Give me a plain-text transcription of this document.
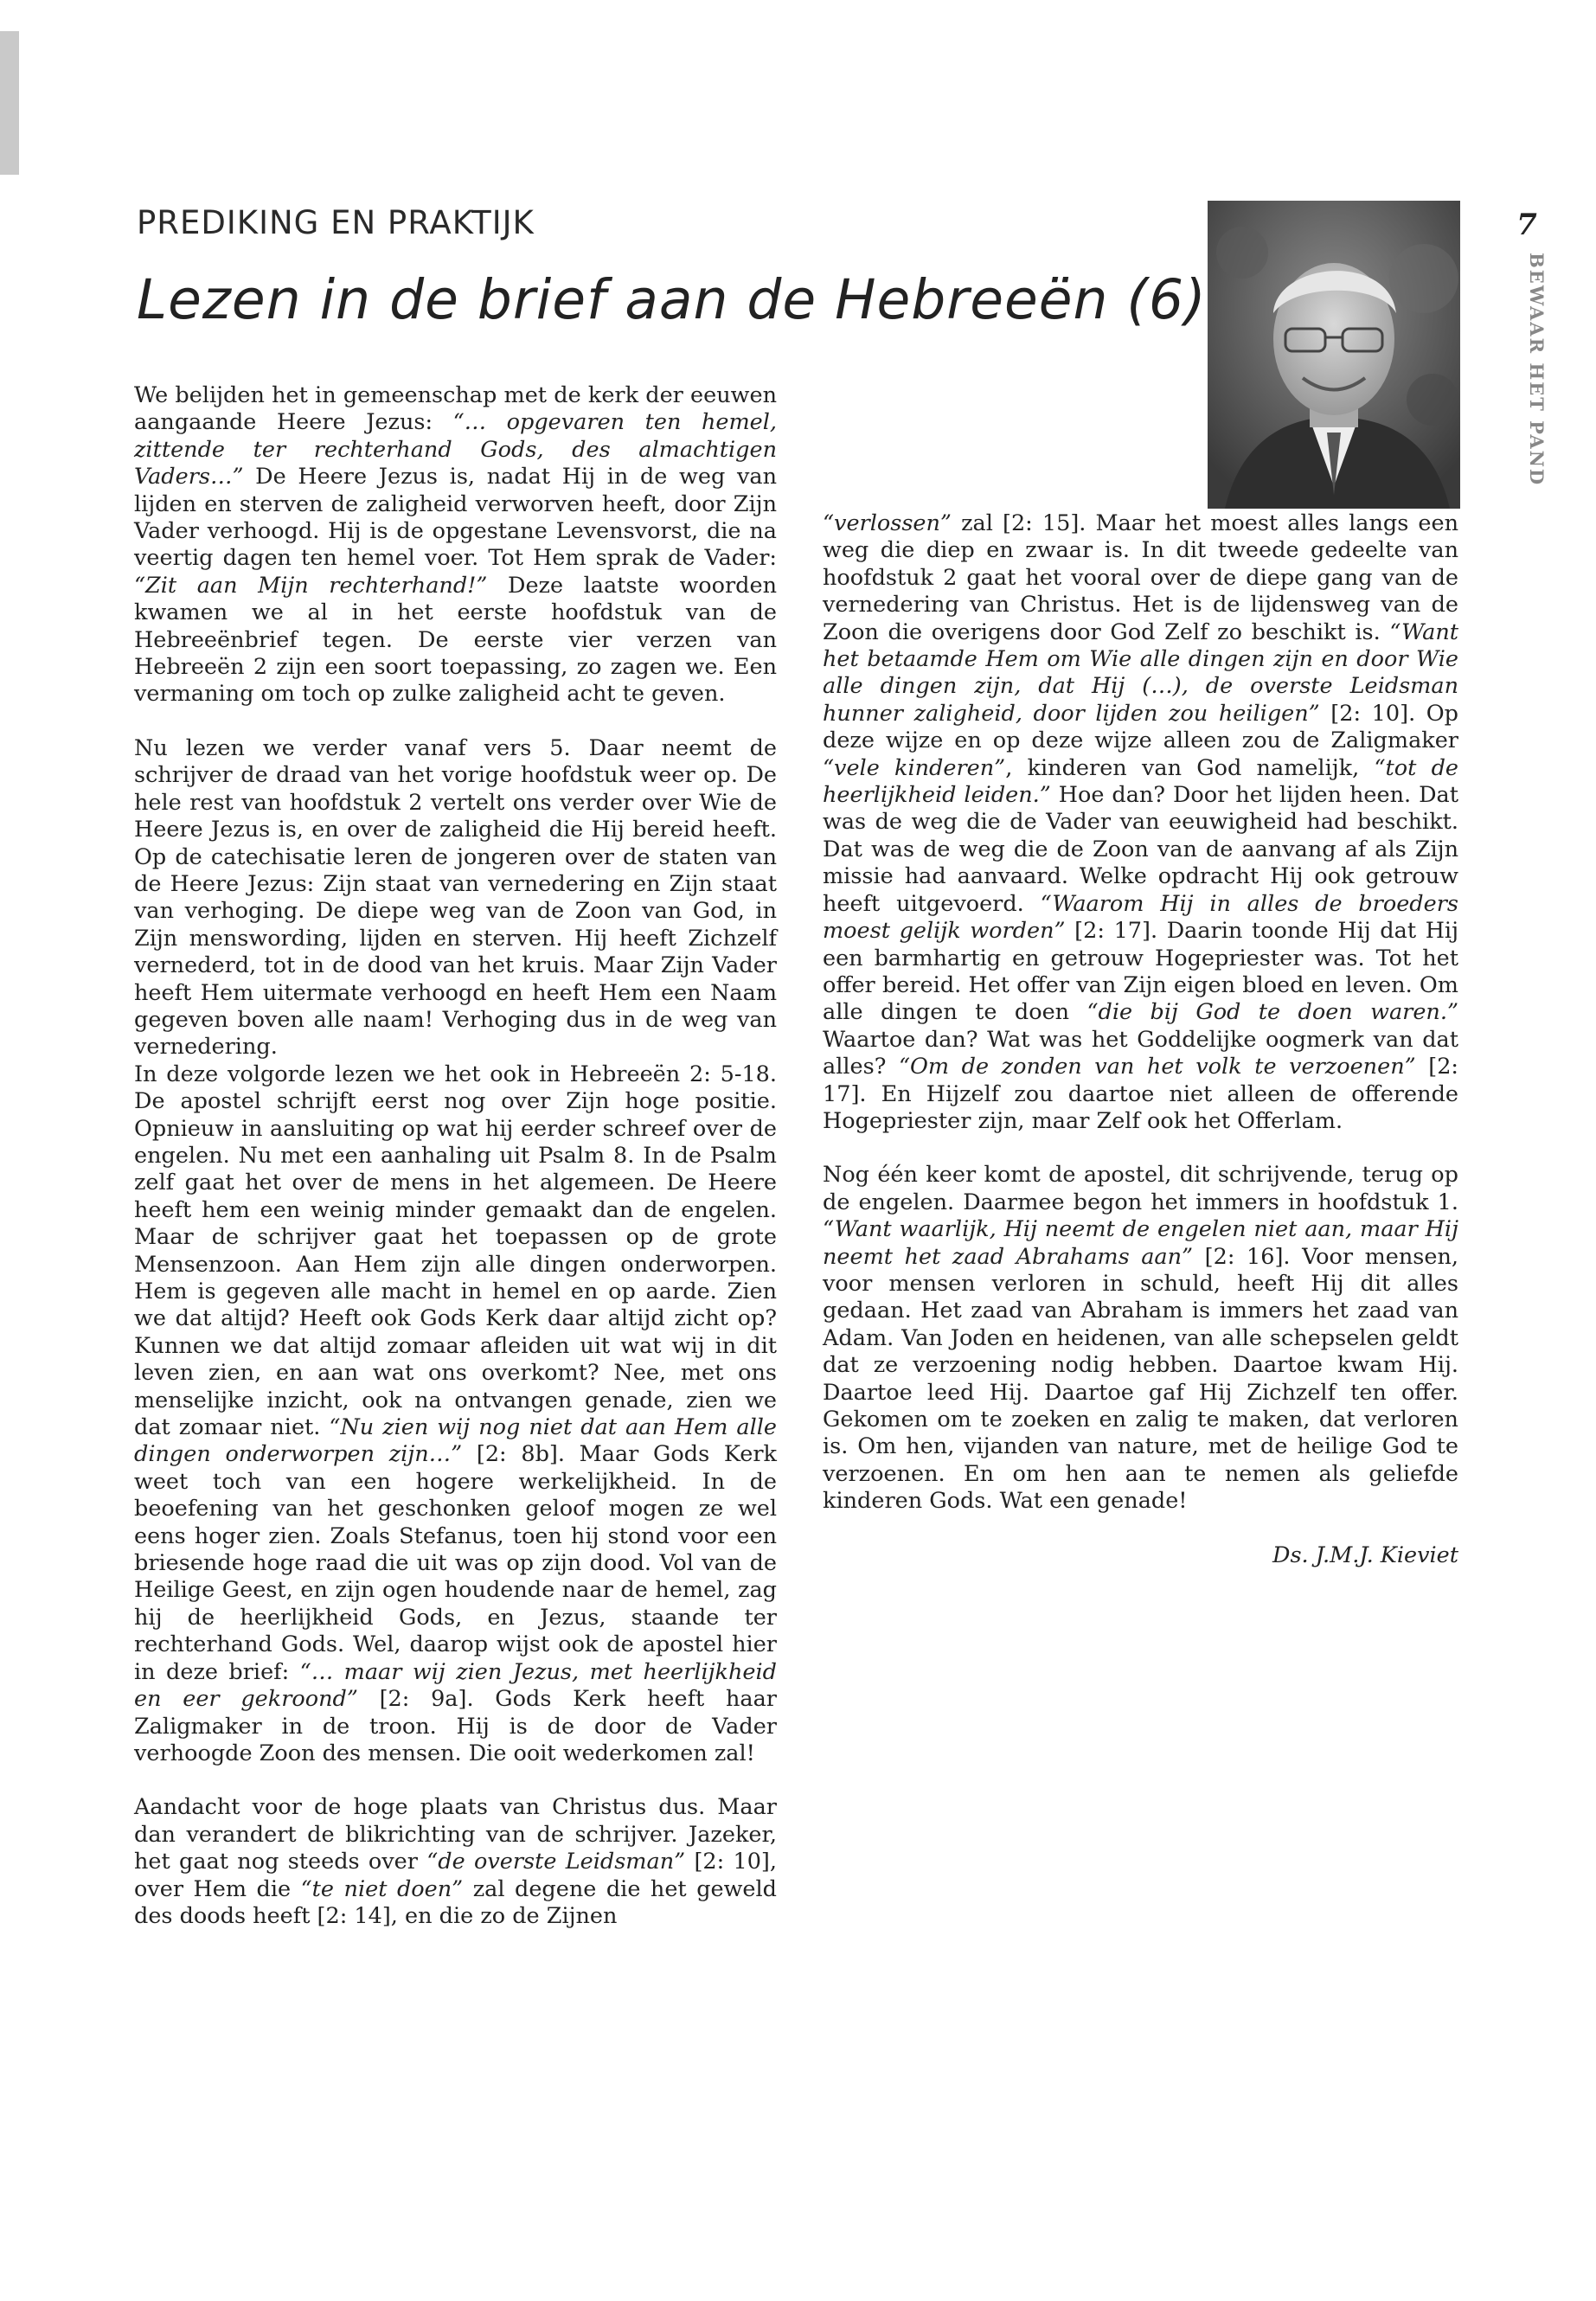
PREDIKING EN PRAKTIJK
Lezen in de brief aan de Hebreeën (6)
7
BEWAAR HET PAND

We belijden het in gemeenschap met de kerk der eeuwen aangaande Heere Jezus: “… opgevaren ten hemel, zittende ter rechterhand Gods, des almachtigen Vaders…” De Heere Jezus is, nadat Hij in de weg van lijden en sterven de zaligheid verworven heeft, door Zijn Vader verhoogd. Hij is de opgestane Levensvorst, die na veertig dagen ten hemel voer. Tot Hem sprak de Vader: “Zit aan Mijn rechterhand!” Deze laatste woorden kwamen we al in het eerste hoofdstuk van de Hebreeënbrief tegen. De eerste vier verzen van Hebreeën 2 zijn een soort toepassing, zo zagen we. Een vermaning om toch op zulke zaligheid acht te geven.

Nu lezen we verder vanaf vers 5. Daar neemt de schrijver de draad van het vorige hoofdstuk weer op. De hele rest van hoofdstuk 2 vertelt ons verder over Wie de Heere Jezus is, en over de zaligheid die Hij bereid heeft. Op de catechisatie leren de jongeren over de staten van de Heere Jezus: Zijn staat van vernedering en Zijn staat van verhoging. De diepe weg van de Zoon van God, in Zijn menswording, lijden en sterven. Hij heeft Zichzelf vernederd, tot in de dood van het kruis. Maar Zijn Vader heeft Hem uitermate verhoogd en heeft Hem een Naam gegeven boven alle naam! Verhoging dus in de weg van vernedering.

In deze volgorde lezen we het ook in Hebreeën 2: 5-18. De apostel schrijft eerst nog over Zijn hoge positie. Opnieuw in aansluiting op wat hij eerder schreef over de engelen. Nu met een aanhaling uit Psalm 8. In de Psalm zelf gaat het over de mens in het algemeen. De Heere heeft hem een weinig minder gemaakt dan de engelen. Maar de schrijver gaat het toepassen op de grote Mensenzoon. Aan Hem zijn alle dingen onderworpen. Hem is gegeven alle macht in hemel en op aarde. Zien we dat altijd? Heeft ook Gods Kerk daar altijd zicht op? Kunnen we dat altijd zomaar afleiden uit wat wij in dit leven zien, en aan wat ons overkomt? Nee, met ons menselijke inzicht, ook na ontvangen genade, zien we dat zomaar niet. “Nu zien wij nog niet dat aan Hem alle dingen onderworpen zijn…” [2: 8b]. Maar Gods Kerk weet toch van een hogere werkelijkheid. In de beoefening van het geschonken geloof mogen ze wel eens hoger zien. Zoals Stefanus, toen hij stond voor een briesende hoge raad die uit was op zijn dood. Vol van de Heilige Geest, en zijn ogen houdende naar de hemel, zag hij de heerlijkheid Gods, en Jezus, staande ter rechterhand Gods. Wel, daarop wijst ook de apostel hier in deze brief: “… maar wij zien Jezus, met heerlijkheid en eer gekroond” [2: 9a]. Gods Kerk heeft haar Zaligmaker in de troon. Hij is de door de Vader verhoogde Zoon des mensen. Die ooit wederkomen zal!

Aandacht voor de hoge plaats van Christus dus. Maar dan verandert de blikrichting van de schrijver. Jazeker, het gaat nog steeds over “de overste Leidsman” [2: 10], over Hem die “te niet doen” zal degene die het geweld des doods heeft [2: 14], en die zo de Zijnen

“verlossen” zal [2: 15]. Maar het moest alles langs een weg die diep en zwaar is. In dit tweede gedeelte van hoofdstuk 2 gaat het vooral over de diepe gang van de vernedering van Christus. Het is de lijdensweg van de Zoon die overigens door God Zelf zo beschikt is. “Want het betaamde Hem om Wie alle dingen zijn en door Wie alle dingen zijn, dat Hij (…), de overste Leidsman hunner zaligheid, door lijden zou heiligen” [2: 10]. Op deze wijze en op deze wijze alleen zou de Zaligmaker “vele kinderen”, kinderen van God namelijk, “tot de heerlijkheid leiden.” Hoe dan? Door het lijden heen. Dat was de weg die de Vader van eeuwigheid had beschikt. Dat was de weg die de Zoon van de aanvang af als Zijn missie had aanvaard. Welke opdracht Hij ook getrouw heeft uitgevoerd. “Waarom Hij in alles de broeders moest gelijk worden” [2: 17]. Daarin toonde Hij dat Hij een barmhartig en getrouw Hogepriester was. Tot het offer bereid. Het offer van Zijn eigen bloed en leven. Om alle dingen te doen “die bij God te doen waren.” Waartoe dan? Wat was het Goddelijke oogmerk van dat alles? “Om de zonden van het volk te verzoenen” [2: 17]. En Hijzelf zou daartoe niet alleen de offerende Hogepriester zijn, maar Zelf ook het Offerlam.

Nog één keer komt de apostel, dit schrijvende, terug op de engelen. Daarmee begon het immers in hoofdstuk 1. “Want waarlijk, Hij neemt de engelen niet aan, maar Hij neemt het zaad Abrahams aan” [2: 16]. Voor mensen, voor mensen verloren in schuld, heeft Hij dit alles gedaan. Het zaad van Abraham is immers het zaad van Adam. Van Joden en heidenen, van alle schepselen geldt dat ze verzoening nodig hebben. Daartoe kwam Hij. Daartoe leed Hij. Daartoe gaf Hij Zichzelf ten offer. Gekomen om te zoeken en zalig te maken, dat verloren is. Om hen, vijanden van nature, met de heilige God te verzoenen. En om hen aan te nemen als geliefde kinderen Gods. Wat een genade!

Ds. J.M.J. Kieviet
